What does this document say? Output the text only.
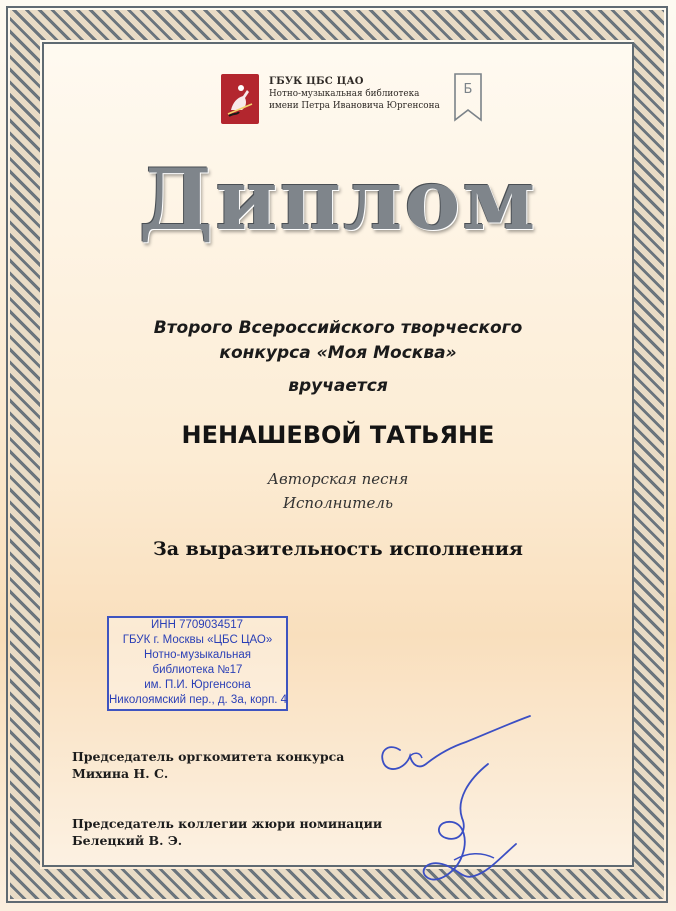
ГБУК ЦБС ЦАО
Нотно-музыкальная библиотека
имени Петра Ивановича Юргенсона
Б
Диплом
Второго Всероссийского творческого
конкурса «Моя Москва»
вручается
НЕНАШЕВОЙ ТАТЬЯНЕ
Авторская песня
Исполнитель
За выразительность исполнения
ИНН 7709034517
ГБУК г. Москвы «ЦБС ЦАО»
Нотно-музыкальная
библиотека №17
им. П.И. Юргенсона
Николоямский пер., д. 3а, корп. 4
Председатель оргкомитета конкурса
Михина Н. С.
Председатель коллегии жюри номинации
Белецкий В. Э.
